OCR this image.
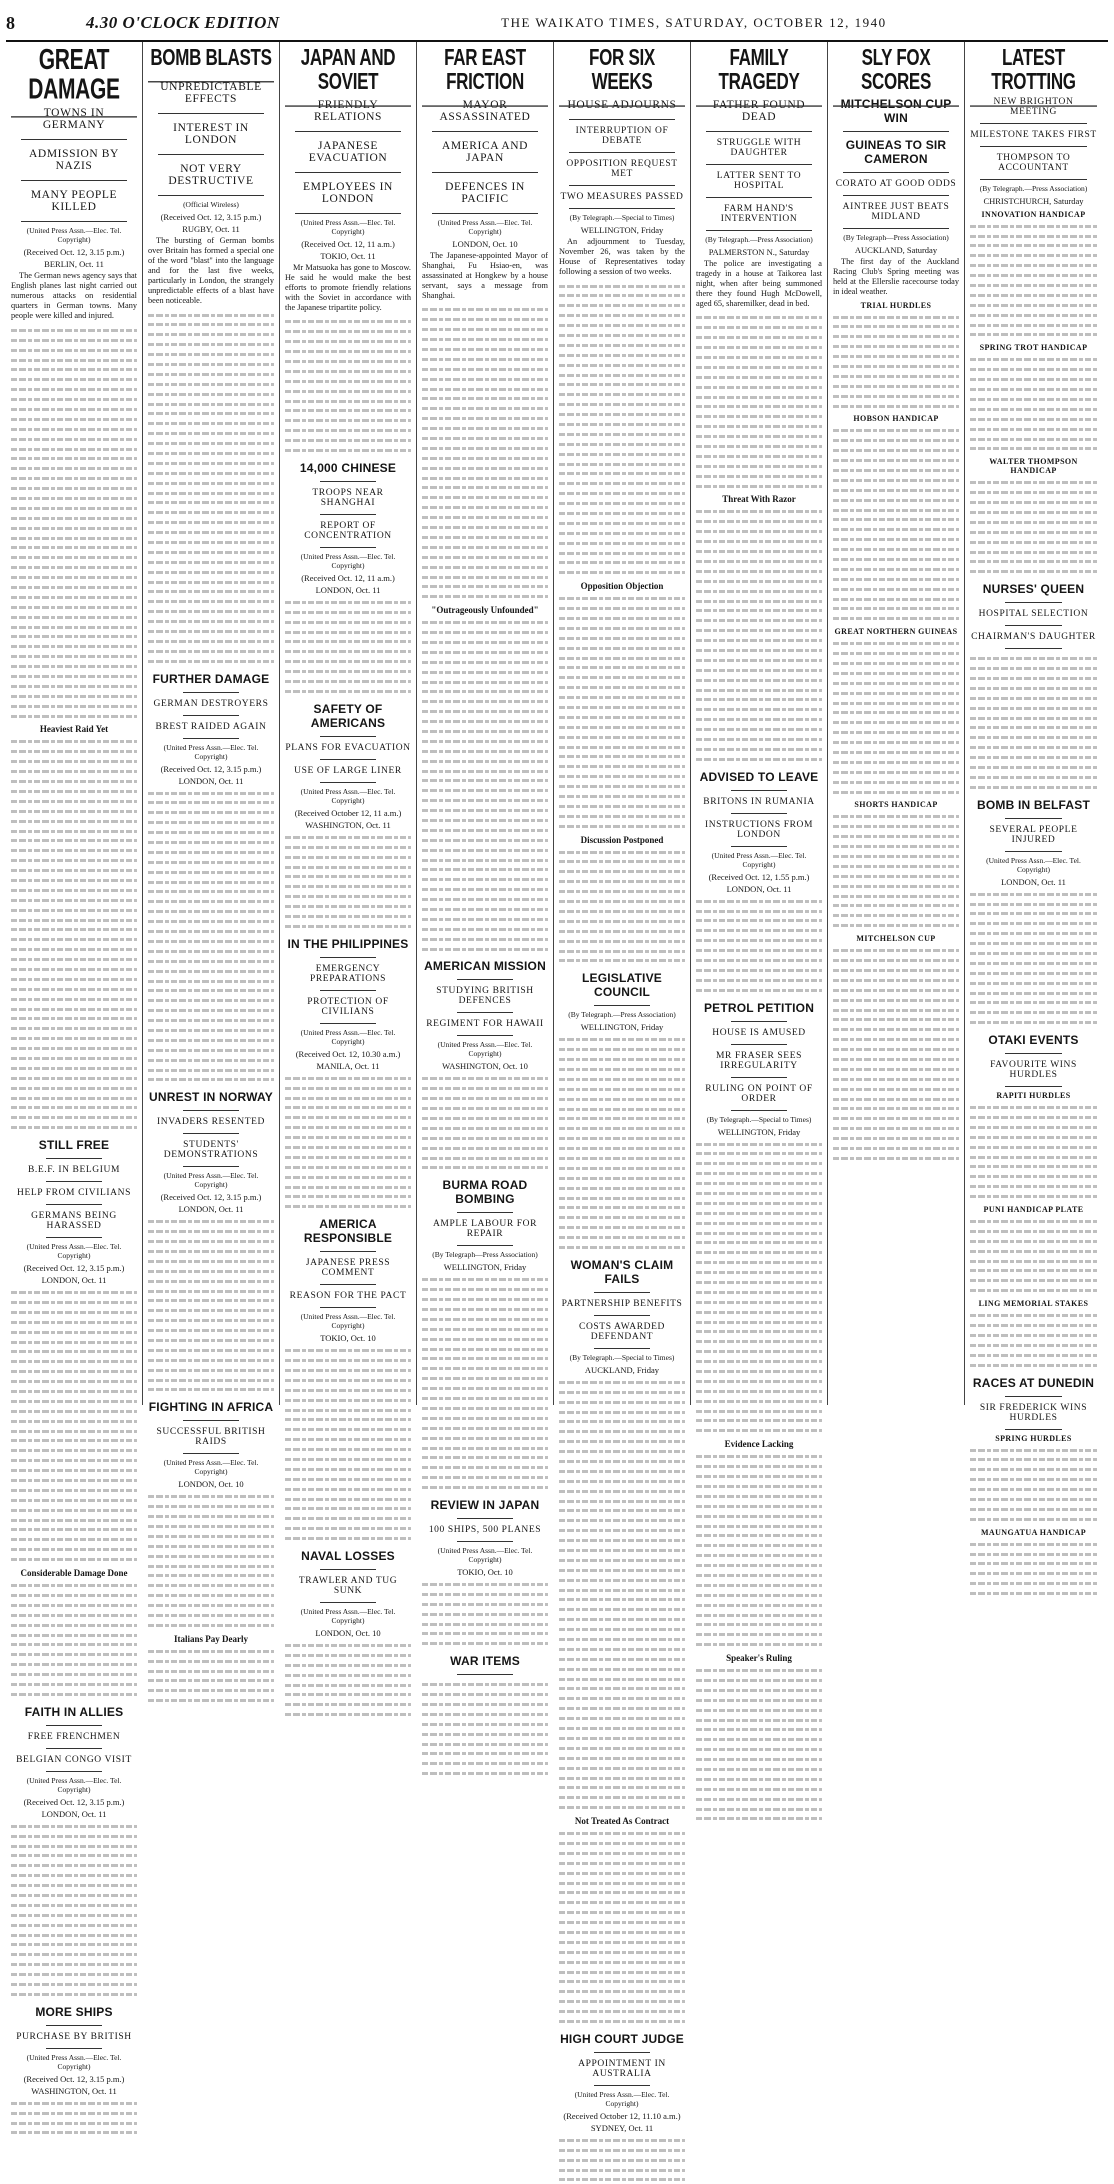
8	4.30 O'CLOCK EDITION	THE WAIKATO TIMES, SATURDAY, OCTOBER 12, 1940
GREAT DAMAGE
TOWNS IN GERMANY
ADMISSION BY NAZIS
MANY PEOPLE KILLED
(United Press Assn.—Elec. Tel. Copyright)
(Received Oct. 12, 3.15 p.m.)
BERLIN, Oct. 11
The German news agency says that English planes last night carried out numerous attacks on residential quarters in German towns. Many people were killed and injured.
Heaviest Raid Yet
STILL FREE
B.E.F. IN BELGIUM
HELP FROM CIVILIANS
GERMANS BEING HARASSED
(United Press Assn.—Elec. Tel. Copyright)
(Received Oct. 12, 3.15 p.m.)
LONDON, Oct. 11
Considerable Damage Done
FAITH IN ALLIES
FREE FRENCHMEN
BELGIAN CONGO VISIT
(United Press Assn.—Elec. Tel. Copyright)
(Received Oct. 12, 3.15 p.m.)
LONDON, Oct. 11
MORE SHIPS
PURCHASE BY BRITISH
(United Press Assn.—Elec. Tel. Copyright)
(Received Oct. 12, 3.15 p.m.)
WASHINGTON, Oct. 11
BOMB BLASTS
UNPREDICTABLE EFFECTS
INTEREST IN LONDON
NOT VERY DESTRUCTIVE
(Official Wireless)
(Received Oct. 12, 3.15 p.m.)
RUGBY, Oct. 11
The bursting of German bombs over Britain has formed a special one of the word "blast" into the language and for the last five weeks, particularly in London, the strangely unpredictable effects of a blast have been noticeable.
FURTHER DAMAGE
GERMAN DESTROYERS
BREST RAIDED AGAIN
(United Press Assn.—Elec. Tel. Copyright)
(Received Oct. 12, 3.15 p.m.)
LONDON, Oct. 11
UNREST IN NORWAY
INVADERS RESENTED
STUDENTS' DEMONSTRATIONS
(United Press Assn.—Elec. Tel. Copyright)
(Received Oct. 12, 3.15 p.m.)
LONDON, Oct. 11
FIGHTING IN AFRICA
SUCCESSFUL BRITISH RAIDS
(United Press Assn.—Elec. Tel. Copyright)
LONDON, Oct. 10
Italians Pay Dearly
JAPAN AND SOVIET
FRIENDLY RELATIONS
JAPANESE EVACUATION
EMPLOYEES IN LONDON
(United Press Assn.—Elec. Tel. Copyright)
(Received Oct. 12, 11 a.m.)
TOKIO, Oct. 11
Mr Matsuoka has gone to Moscow. He said he would make the best efforts to promote friendly relations with the Soviet in accordance with the Japanese tripartite policy.
14,000 CHINESE
TROOPS NEAR SHANGHAI
REPORT OF CONCENTRATION
(United Press Assn.—Elec. Tel. Copyright)
(Received Oct. 12, 11 a.m.)
LONDON, Oct. 11
SAFETY OF AMERICANS
PLANS FOR EVACUATION
USE OF LARGE LINER
(United Press Assn.—Elec. Tel. Copyright)
(Received October 12, 11 a.m.)
WASHINGTON, Oct. 11
IN THE PHILIPPINES
EMERGENCY PREPARATIONS
PROTECTION OF CIVILIANS
(United Press Assn.—Elec. Tel. Copyright)
(Received Oct. 12, 10.30 a.m.)
MANILA, Oct. 11
AMERICA RESPONSIBLE
JAPANESE PRESS COMMENT
REASON FOR THE PACT
(United Press Assn.—Elec. Tel. Copyright)
TOKIO, Oct. 10
NAVAL LOSSES
TRAWLER AND TUG SUNK
(United Press Assn.—Elec. Tel. Copyright)
LONDON, Oct. 10
FAR EAST FRICTION
MAYOR ASSASSINATED
AMERICA AND JAPAN
DEFENCES IN PACIFIC
(United Press Assn.—Elec. Tel. Copyright)
LONDON, Oct. 10
The Japanese-appointed Mayor of Shanghai, Fu Hsiao-en, was assassinated at Hongkew by a house servant, says a message from Shanghai.
"Outrageously Unfounded"
AMERICAN MISSION
STUDYING BRITISH DEFENCES
REGIMENT FOR HAWAII
(United Press Assn.—Elec. Tel. Copyright)
WASHINGTON, Oct. 10
BURMA ROAD BOMBING
AMPLE LABOUR FOR REPAIR
(By Telegraph—Press Association)
WELLINGTON, Friday
REVIEW IN JAPAN
100 SHIPS, 500 PLANES
(United Press Assn.—Elec. Tel. Copyright)
TOKIO, Oct. 10
WAR ITEMS
FOR SIX WEEKS
HOUSE ADJOURNS
INTERRUPTION OF DEBATE
OPPOSITION REQUEST MET
TWO MEASURES PASSED
(By Telegraph.—Special to Times)
WELLINGTON, Friday
An adjournment to Tuesday, November 26, was taken by the House of Representatives today following a session of two weeks.
Opposition Objection
Discussion Postponed
LEGISLATIVE COUNCIL
(By Telegraph.—Press Association)
WELLINGTON, Friday
WOMAN'S CLAIM FAILS
PARTNERSHIP BENEFITS
COSTS AWARDED DEFENDANT
(By Telegraph.—Special to Times)
AUCKLAND, Friday
Not Treated As Contract
HIGH COURT JUDGE
APPOINTMENT IN AUSTRALIA
(United Press Assn.—Elec. Tel. Copyright)
(Received October 12, 11.10 a.m.)
SYDNEY, Oct. 11
FAMILY TRAGEDY
FATHER FOUND DEAD
STRUGGLE WITH DAUGHTER
LATTER SENT TO HOSPITAL
FARM HAND'S INTERVENTION
(By Telegraph.—Press Association)
PALMERSTON N., Saturday
The police are investigating a tragedy in a house at Taikorea last night, when after being summoned there they found Hugh McDowell, aged 65, sharemilker, dead in bed.
Threat With Razor
ADVISED TO LEAVE
BRITONS IN RUMANIA
INSTRUCTIONS FROM LONDON
(United Press Assn.—Elec. Tel. Copyright)
(Received Oct. 12, 1.55 p.m.)
LONDON, Oct. 11
PETROL PETITION
HOUSE IS AMUSED
MR FRASER SEES IRREGULARITY
RULING ON POINT OF ORDER
(By Telegraph.—Special to Times)
WELLINGTON, Friday
Evidence Lacking
Speaker's Ruling
SLY FOX SCORES
MITCHELSON CUP WIN
GUINEAS TO SIR CAMERON
CORATO AT GOOD ODDS
AINTREE JUST BEATS MIDLAND
(By Telegraph—Press Association)
AUCKLAND, Saturday
The first day of the Auckland Racing Club's Spring meeting was held at the Ellerslie racecourse today in ideal weather.
TRIAL HURDLES
HOBSON HANDICAP
GREAT NORTHERN GUINEAS
SHORTS HANDICAP
MITCHELSON CUP
LATEST TROTTING
NEW BRIGHTON MEETING
MILESTONE TAKES FIRST
THOMPSON TO ACCOUNTANT
(By Telegraph.—Press Association)
CHRISTCHURCH, Saturday
INNOVATION HANDICAP
SPRING TROT HANDICAP
WALTER THOMPSON HANDICAP
NURSES' QUEEN
HOSPITAL SELECTION
CHAIRMAN'S DAUGHTER
BOMB IN BELFAST
SEVERAL PEOPLE INJURED
(United Press Assn.—Elec. Tel. Copyright)
LONDON, Oct. 11
OTAKI EVENTS
FAVOURITE WINS HURDLES
RAPITI HURDLES
PUNI HANDICAP PLATE
LING MEMORIAL STAKES
RACES AT DUNEDIN
SIR FREDERICK WINS HURDLES
SPRING HURDLES
MAUNGATUA HANDICAP
